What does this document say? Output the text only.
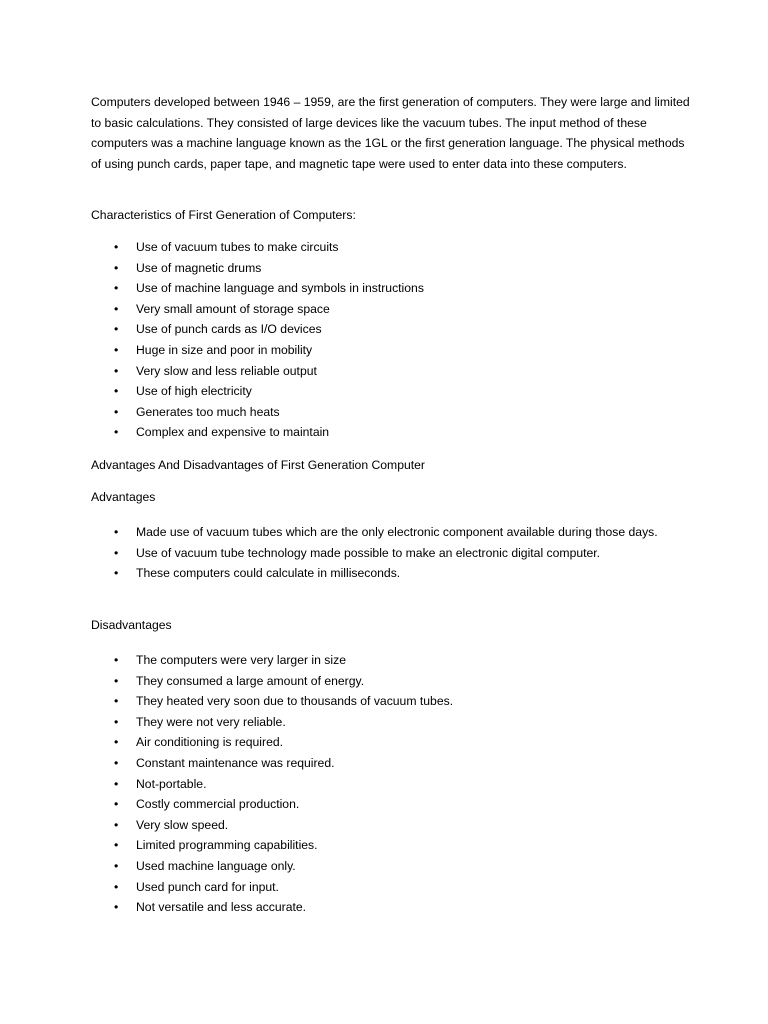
Computers developed between 1946 – 1959, are the first generation of computers. They were large and limited to basic calculations. They consisted of large devices like the vacuum tubes. The input method of these computers was a machine language known as the 1GL or the first generation language. The physical methods of using punch cards, paper tape, and magnetic tape were used to enter data into these computers.

Characteristics of First Generation of Computers:
• Use of vacuum tubes to make circuits
• Use of magnetic drums
• Use of machine language and symbols in instructions
• Very small amount of storage space
• Use of punch cards as I/O devices
• Huge in size and poor in mobility
• Very slow and less reliable output
• Use of high electricity
• Generates too much heats
• Complex and expensive to maintain
Advantages And Disadvantages of First Generation Computer
Advantages
• Made use of vacuum tubes which are the only electronic component available during those days.
• Use of vacuum tube technology made possible to make an electronic digital computer.
• These computers could calculate in milliseconds.
Disadvantages
• The computers were very larger in size
• They consumed a large amount of energy.
• They heated very soon due to thousands of vacuum tubes.
• They were not very reliable.
• Air conditioning is required.
• Constant maintenance was required.
• Not-portable.
• Costly commercial production.
• Very slow speed.
• Limited programming capabilities.
• Used machine language only.
• Used punch card for input.
• Not versatile and less accurate.
